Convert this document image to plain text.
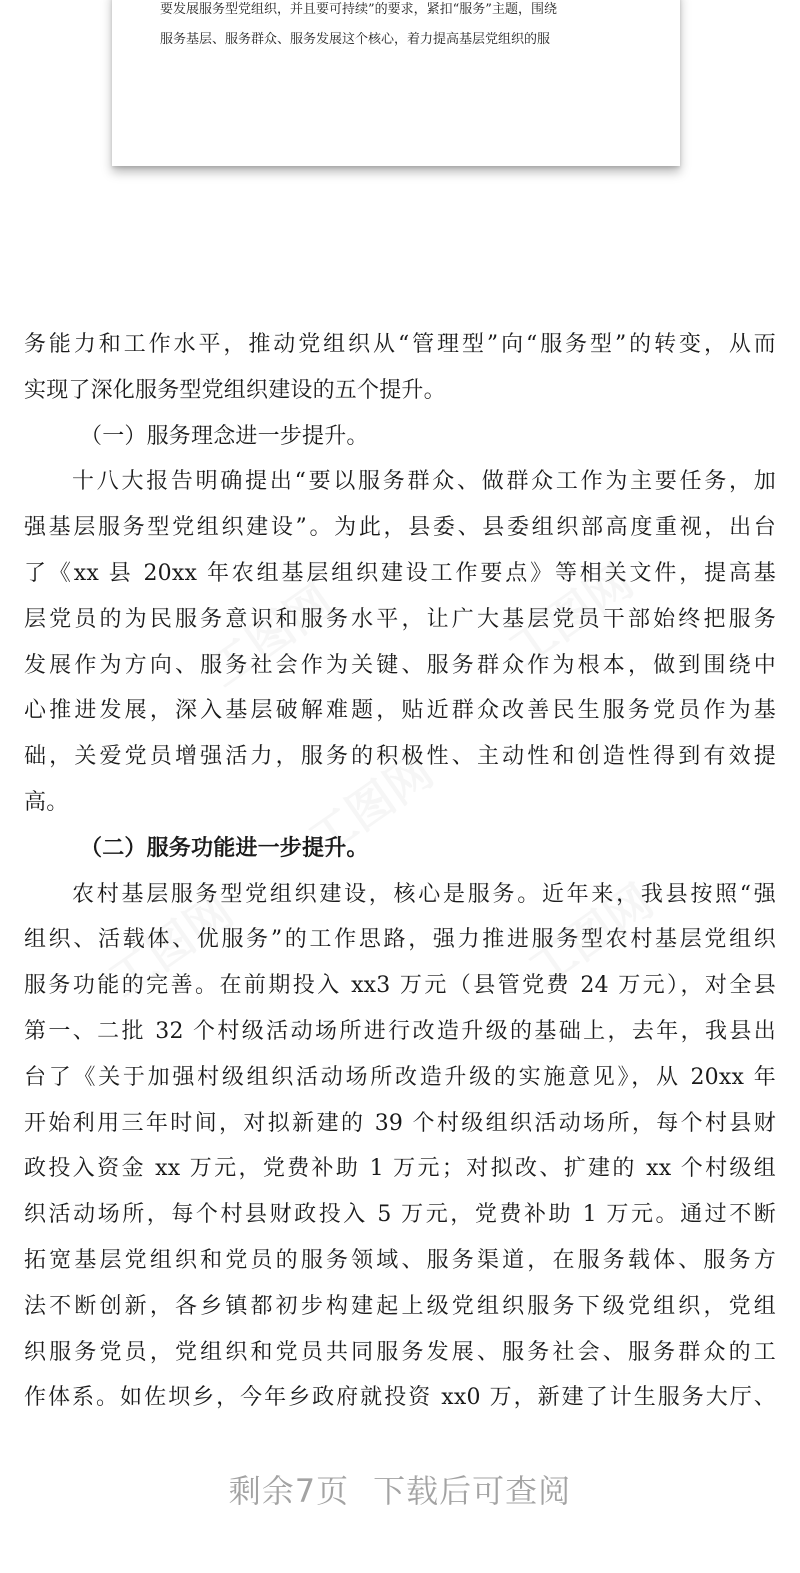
要发展服务型党组织，并且要可持续”的要求，紧扣“服务”主题，围绕
服务基层、服务群众、服务发展这个核心，着力提高基层党组织的服
工图网	工图网
工图网
工图网	工图网
务能力和工作水平，推动党组织从“管理型”向“服务型”的转变，从而
实现了深化服务型党组织建设的五个提升。
（一）服务理念进一步提升。
十八大报告明确提出“要以服务群众、做群众工作为主要任务，加
强基层服务型党组织建设”。为此，县委、县委组织部高度重视，出台
了《xx 县 20xx 年农组基层组织建设工作要点》等相关文件，提高基
层党员的为民服务意识和服务水平，让广大基层党员干部始终把服务
发展作为方向、服务社会作为关键、服务群众作为根本，做到围绕中
心推进发展，深入基层破解难题，贴近群众改善民生服务党员作为基
础，关爱党员增强活力，服务的积极性、主动性和创造性得到有效提
高。
（二）服务功能进一步提升。
农村基层服务型党组织建设，核心是服务。近年来，我县按照“强
组织、活载体、优服务”的工作思路，强力推进服务型农村基层党组织
服务功能的完善。在前期投入 xx3 万元（县管党费 24 万元），对全县
第一、二批 32 个村级活动场所进行改造升级的基础上，去年，我县出
台了《关于加强村级组织活动场所改造升级的实施意见》，从 20xx 年
开始利用三年时间，对拟新建的 39 个村级组织活动场所，每个村县财
政投入资金 xx 万元，党费补助 1 万元；对拟改、扩建的 xx 个村级组
织活动场所，每个村县财政投入 5 万元，党费补助 1 万元。通过不断
拓宽基层党组织和党员的服务领域、服务渠道，在服务载体、服务方
法不断创新，各乡镇都初步构建起上级党组织服务下级党组织，党组
织服务党员，党组织和党员共同服务发展、服务社会、服务群众的工
作体系。如佐坝乡，今年乡政府就投资 xx0 万，新建了计生服务大厅、
剩余7页 下载后可查阅
